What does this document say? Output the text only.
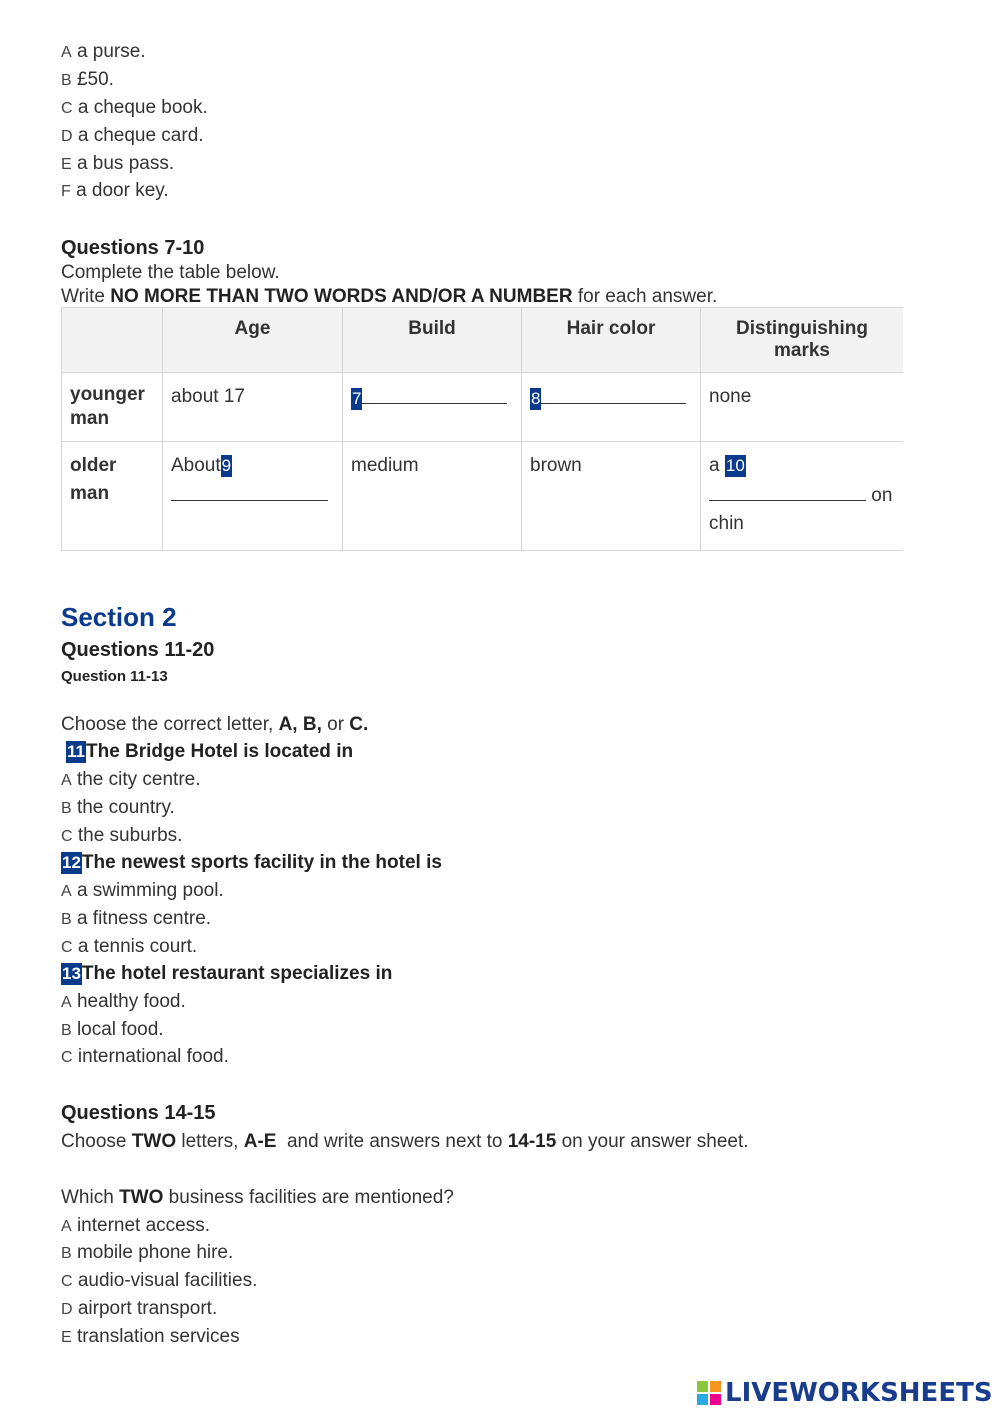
A a purse.
B £50.
C a cheque book.
D a cheque card.
E a bus pass.
F a door key.
Questions 7-10
Complete the table below.
Write NO MORE THAN TWO WORDS AND/OR A NUMBER for each answer.
	Age	Build	Hair color	Distinguishing marks
younger man	about 17	7	8	none
older man	About9	medium	brown	a 10
on
chin
Section 2
Questions 11-20
Question 11-13
Choose the correct letter, A, B, or C.
11The Bridge Hotel is located in
A the city centre.
B the country.
C the suburbs.
12The newest sports facility in the hotel is
A a swimming pool.
B a fitness centre.
C a tennis court.
13The hotel restaurant specializes in
A healthy food.
B local food.
C international food.
Questions 14-15
Choose TWO letters, A-E  and write answers next to 14-15 on your answer sheet.
Which TWO business facilities are mentioned?
A internet access.
B mobile phone hire.
C audio-visual facilities.
D airport transport.
E translation services
LIVEWORKSHEETS
